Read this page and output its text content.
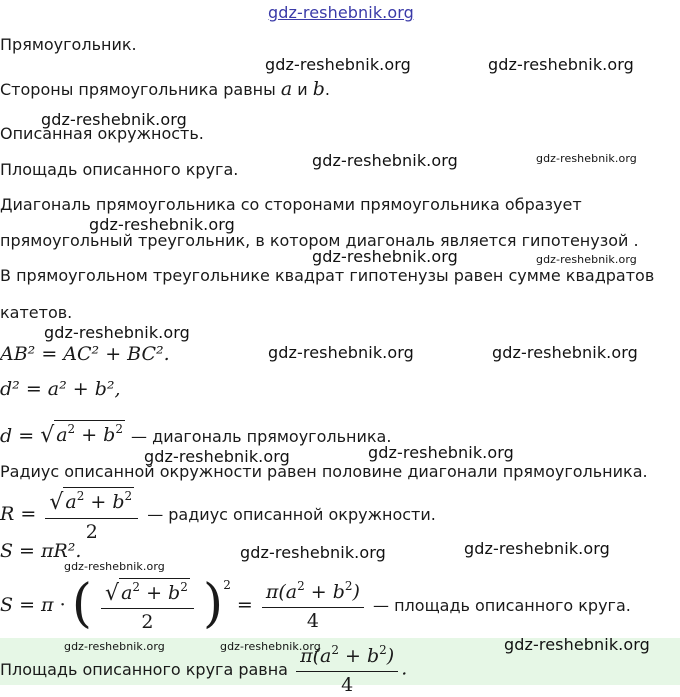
gdz-reshebnik.org
Прямоугольник.
Стороны прямоугольника равны a и b.
Описанная окружность.
Площадь описанного круга.
Диагональ прямоугольника со сторонами прямоугольника образует
прямоугольный треугольник, в котором диагональ является гипотенузой .
В прямоугольном треугольнике квадрат гипотенузы равен сумме квадратов
катетов.
AB² = AC² + BC².
d² = a² + b²,
d = √ $a^2 + b^2$ — диагональ прямоугольника.
Радиус описанной окружности равен половине диагонали прямоугольника.
$R = \frac{√ a^2 + b^2}{2}$ — радиус описанной окружности.
S = πR².
S = π · ( $\frac{√ a^2 + b^2}{2} )^2 = \frac{\pi(a^2 + b^2)}{4}$ — площадь описанного круга.
Площадь описанного круга равна $\frac{\pi(a^2 + b^2)}{4}$ .
gdz-reshebnik.org	gdz-reshebnik.org
gdz-reshebnik.org
gdz-reshebnik.org	gdz-reshebnik.org
gdz-reshebnik.org
gdz-reshebnik.org	gdz-reshebnik.org
gdz-reshebnik.org
gdz-reshebnik.org	gdz-reshebnik.org
gdz-reshebnik.org
gdz-reshebnik.org
gdz-reshebnik.org	gdz-reshebnik.org
gdz-reshebnik.org
gdz-reshebnik.org	gdz-reshebnik.org	gdz-reshebnik.org
